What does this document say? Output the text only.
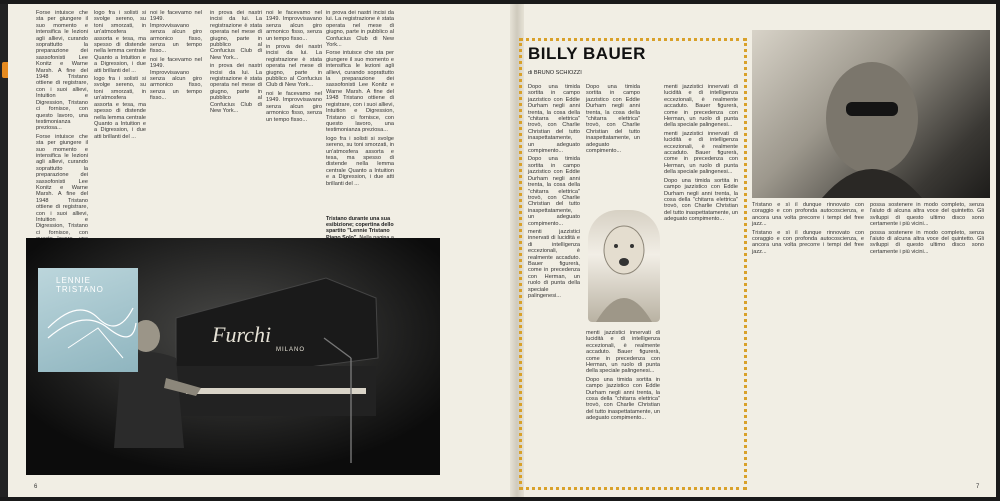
Forse intuisce che sta per giungere il suo momento e intensifica le lezioni agli allievi, curando soprattutto la preparazione dei sassofonisti Lee Konitz e Warne Marsh. A fine del 1948 Tristano ottiene di registrare, con i suoi allievi, Intuition e Digression, Tristano ci fornisce, con questo lavoro, una testimonianza preziosa...

Forse intuisce che sta per giungere il suo momento e intensifica le lezioni agli allievi, curando soprattutto la preparazione dei sassofonisti Lee Konitz e Warne Marsh. A fine del 1948 Tristano ottiene di registrare, con i suoi allievi, Intuition e Digression, Tristano ci fornisce, con

logo fra i solisti si svolge sereno, su toni smorzati, in un'atmosfera assorta e tesa, ma spesso di distende nella lemma centrale Quanto a Intuition e a Digression, i due atti brillanti del ...

logo fra i solisti si svolge sereno, su toni smorzati, in un'atmosfera assorta e tesa, ma spesso di distende nella lemma centrale Quanto a Intuition e a Digression, i due atti brillanti del ...

noi le facevamo nel 1949. Improvvisavano senza alcun giro armonico fisso, senza un tempo fisso...

noi le facevamo nel 1949. Improvvisavano senza alcun giro armonico fisso, senza un tempo fisso...

in prova dei nastri incisi da lui. La registrazione è stata operata nel mese di giugno, parte in pubblico al Confucius Club di New York...

in prova dei nastri incisi da lui. La registrazione è stata operata nel mese di giugno, parte in pubblico al Confucius Club di New York...

noi le facevamo nel 1949. Improvvisavano senza alcun giro armonico fisso, senza un tempo fisso...

in prova dei nastri incisi da lui. La registrazione è stata operata nel mese di giugno, parte in pubblico al Confucius Club di New York...

noi le facevamo nel 1949. Improvvisavano senza alcun giro armonico fisso, senza un tempo fisso...

in prova dei nastri incisi da lui. La registrazione è stata operata nel mese di giugno, parte in pubblico al Confucius Club di New York...

Forse intuisce che sta per giungere il suo momento e intensifica le lezioni agli allievi, curando soprattutto la preparazione dei sassofonisti Lee Konitz e Warne Marsh. A fine del 1948 Tristano ottiene di registrare, con i suoi allievi, Intuition e Digression, Tristano ci fornisce, con questo lavoro, una testimonianza preziosa...

logo fra i solisti si svolge sereno, su toni smorzati, in un'atmosfera assorta e tesa, ma spesso di distende nella lemma centrale Quanto a Intuition e a Digression, i due atti brillanti del ...

Tristano durante una sua esibizione; copertina dello spartito "Lennie Tristano
LENNIE TRISTANO
Furchi
MILANO
6
BILLY BAUER
di BRUNO SCHIOZZI

Dopo una timida sortita in campo jazzistico con Eddie Durham negli anni trenta, la cosa della "chitarra elettrica" trovò, con Charlie Christian del tutto inaspettatamente, un adeguato compimento...

Dopo una timida sortita in campo jazzistico con Eddie Durham negli anni trenta, la cosa della "chitarra elettrica" trovò, con Charlie Christian del tutto inaspettatamente, un adeguato compimento...

menti jazzistici innervati di lucidità e di intelligenza eccezionali, è realmente accaduto. Bauer figurerà, come in precedenza con Herman, un ruolo di punta della speciale palingenesi...

Dopo una timida sortita in campo jazzistico con Eddie Durham negli anni trenta, la cosa della "chitarra elettrica" trovò, con Charlie Christian del tutto inaspettatamente, un adeguato compimento...

menti jazzistici innervati di lucidità e di intelligenza eccezionali, è realmente accaduto. Bauer figurerà, come in precedenza con Herman, un ruolo di punta della speciale palingenesi...

menti jazzistici innervati di lucidità e di intelligenza eccezionali, è realmente accaduto. Bauer figurerà, come in precedenza con Herman, un ruolo di punta della speciale palingenesi...

Dopo una timida sortita in campo jazzistico con Eddie Durham negli anni trenta, la cosa della "chitarra elettrica" trovò, con Charlie Christian del tutto inaspettatamente, un adeguato compimento...

menti jazzistici innervati di lucidità e di intelligenza eccezionali, è realmente accaduto. Bauer figurerà, come in precedenza con Herman, un ruolo di punta della speciale palingenesi...

Dopo una timida sortita in campo jazzistico con Eddie Durham negli anni trenta, la cosa della "chitarra elettrica" trovò, con Charlie Christian del tutto inaspettatamente, un adeguato compimento...

Tristano e sì il dunque rinnovato con coraggio e con profonda autocoscienza, e ancora una volta precorre i tempi del free jazz...

Tristano e sì il dunque rinnovato con coraggio e con profonda autocoscienza, e ancora una volta precorre i tempi del free jazz...

possa sostenere in modo completo, senza l'aiuto di alcuna altra voce del quintetto. Gli sviluppi di questo ultimo disco sono certamente i più vicini...

possa sostenere in modo completo, senza l'aiuto di alcuna altra voce del quintetto. Gli sviluppi di questo ultimo disco sono certamente i più vicini...

7
